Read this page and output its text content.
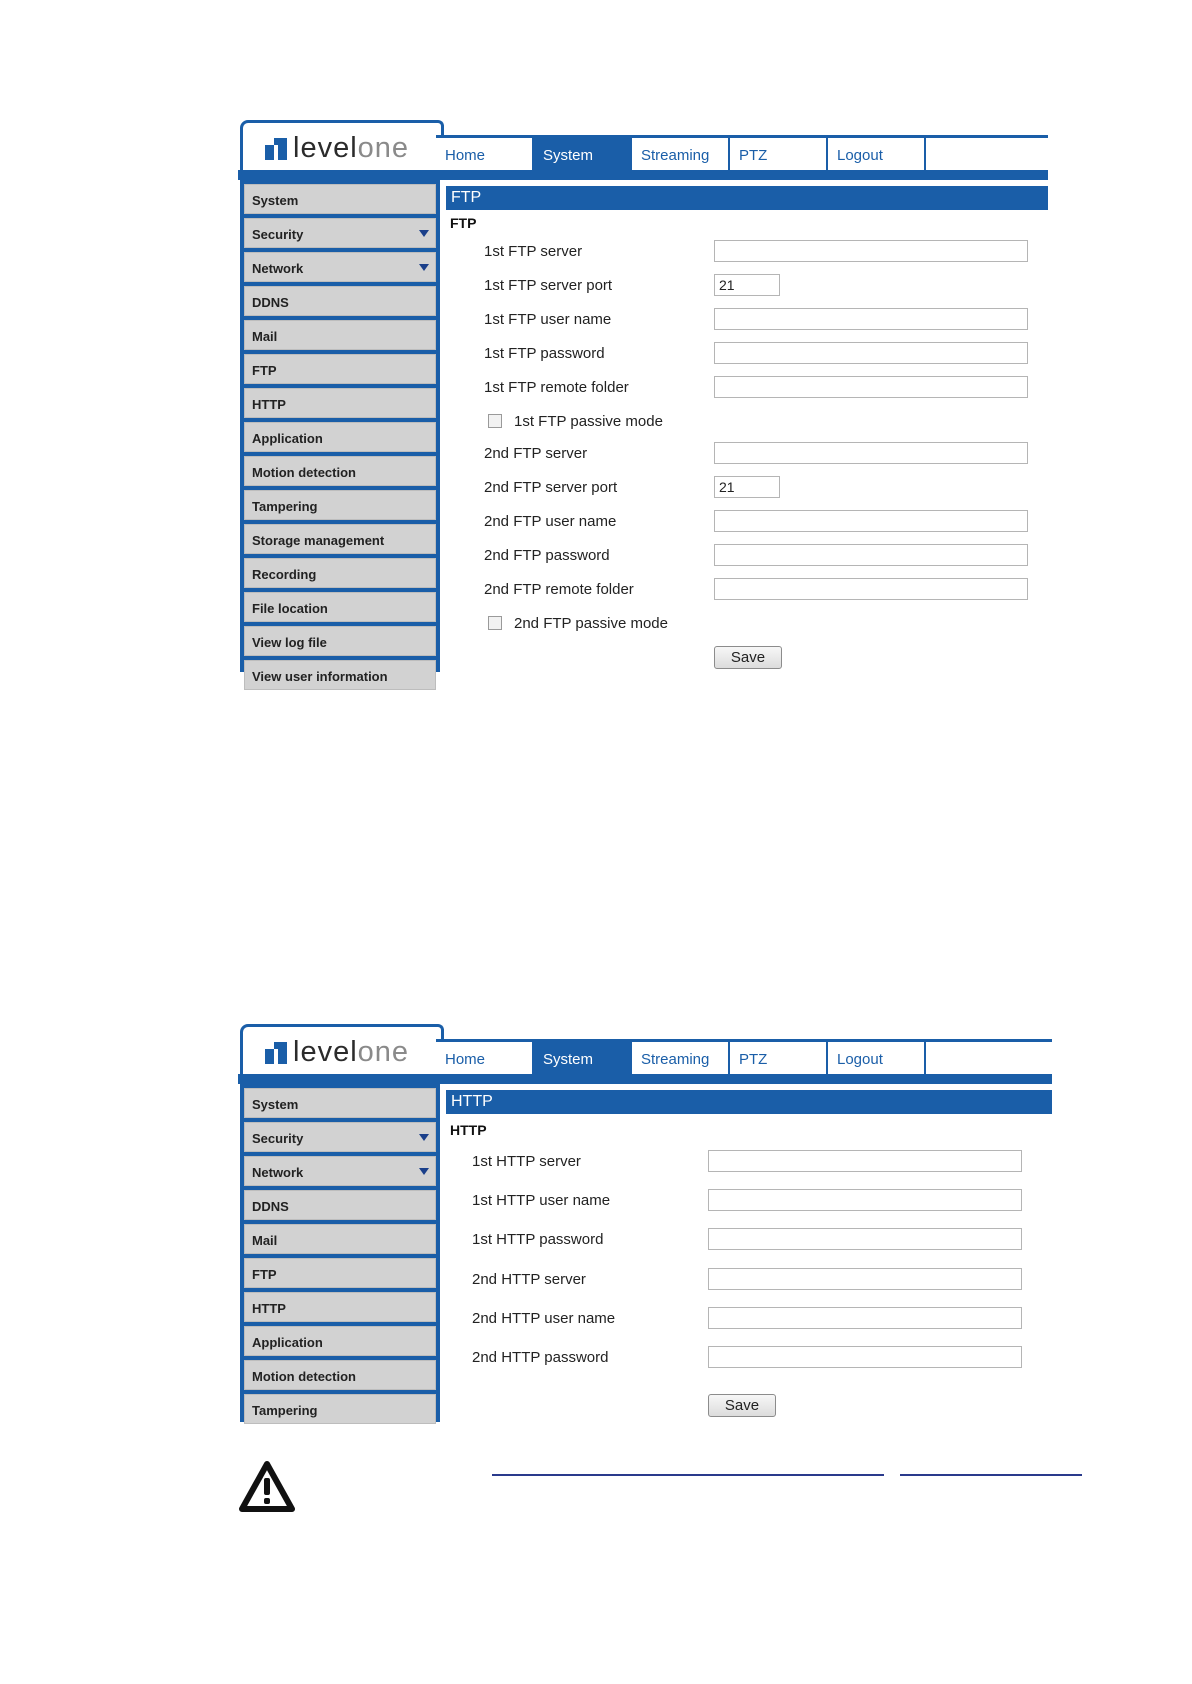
levelone	Home	System	Streaming	PTZ	Logout
System
Security
Network
DDNS
Mail
FTP
HTTP
Application
Motion detection
Tampering
Storage management
Recording
File location
View log file
View user information
FTP
FTP
1st FTP server
1st FTP server port
21
1st FTP user name
1st FTP password
1st FTP remote folder
1st FTP passive mode
2nd FTP server
2nd FTP server port
21
2nd FTP user name
2nd FTP password
2nd FTP remote folder
2nd FTP passive mode
Save
levelone	Home	System	Streaming	PTZ	Logout
System
Security
Network
DDNS
Mail
FTP
HTTP
Application
Motion detection
Tampering
HTTP
HTTP
1st HTTP server
1st HTTP user name
1st HTTP password
2nd HTTP server
2nd HTTP user name
2nd HTTP password
Save
